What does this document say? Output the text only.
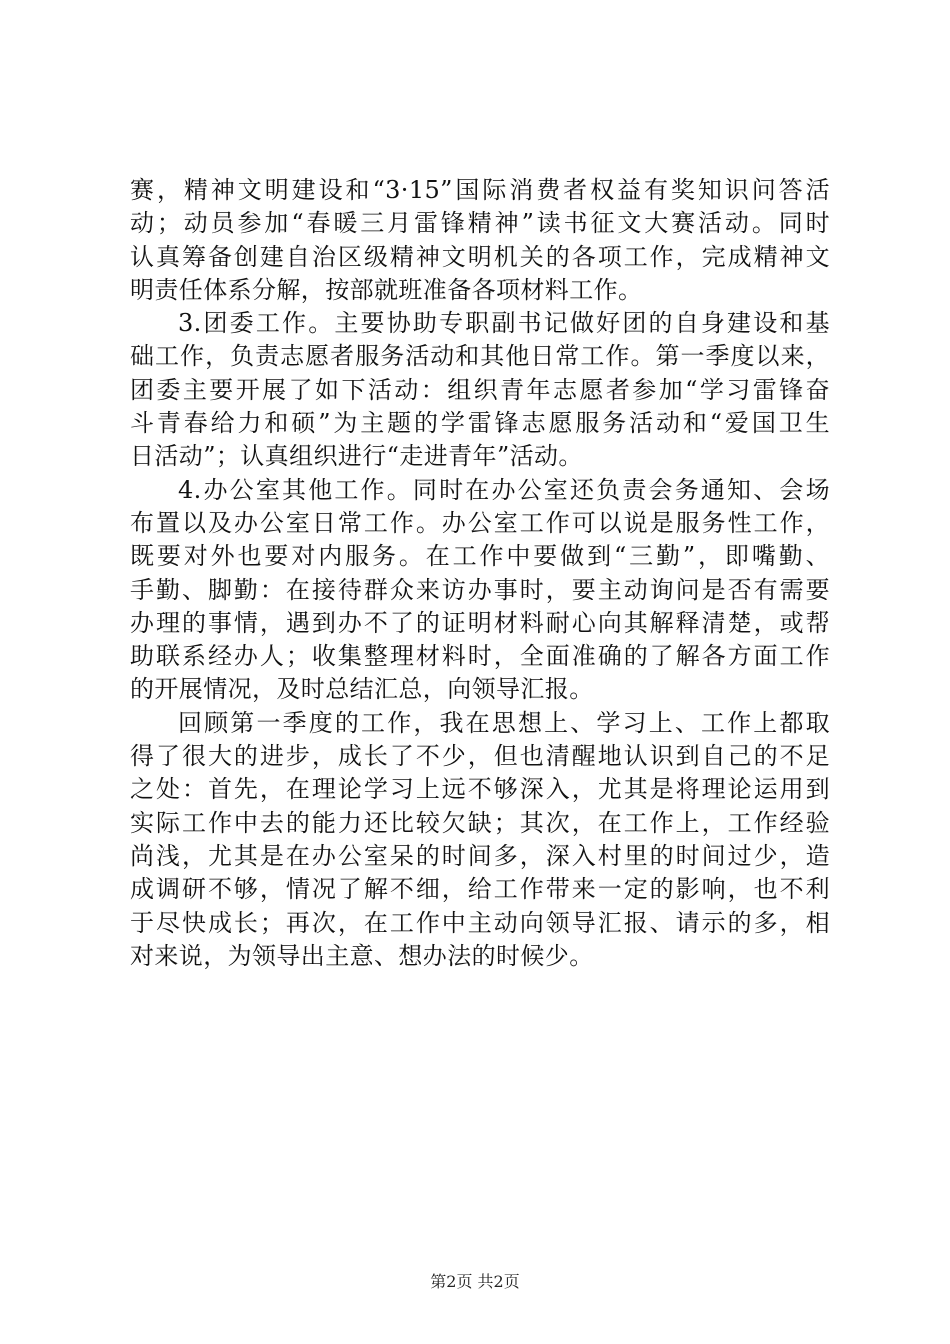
赛，精神文明建设和“3·15”国际消费者权益有奖知识问答活
动；动员参加“春暖三月雷锋精神”读书征文大赛活动。同时
认真筹备创建自治区级精神文明机关的各项工作，完成精神文
明责任体系分解，按部就班准备各项材料工作。
3.团委工作。主要协助专职副书记做好团的自身建设和基
础工作，负责志愿者服务活动和其他日常工作。第一季度以来，
团委主要开展了如下活动：组织青年志愿者参加“学习雷锋奋
斗青春给力和硕”为主题的学雷锋志愿服务活动和“爱国卫生
日活动”；认真组织进行“走进青年”活动。
4.办公室其他工作。同时在办公室还负责会务通知、会场
布置以及办公室日常工作。办公室工作可以说是服务性工作，
既要对外也要对内服务。在工作中要做到“三勤”，即嘴勤、
手勤、脚勤：在接待群众来访办事时，要主动询问是否有需要
办理的事情，遇到办不了的证明材料耐心向其解释清楚，或帮
助联系经办人；收集整理材料时，全面准确的了解各方面工作
的开展情况，及时总结汇总，向领导汇报。
回顾第一季度的工作，我在思想上、学习上、工作上都取
得了很大的进步，成长了不少，但也清醒地认识到自己的不足
之处：首先，在理论学习上远不够深入，尤其是将理论运用到
实际工作中去的能力还比较欠缺；其次，在工作上，工作经验
尚浅，尤其是在办公室呆的时间多，深入村里的时间过少，造
成调研不够，情况了解不细，给工作带来一定的影响，也不利
于尽快成长；再次，在工作中主动向领导汇报、请示的多，相
对来说，为领导出主意、想办法的时候少。
第2页 共2页
